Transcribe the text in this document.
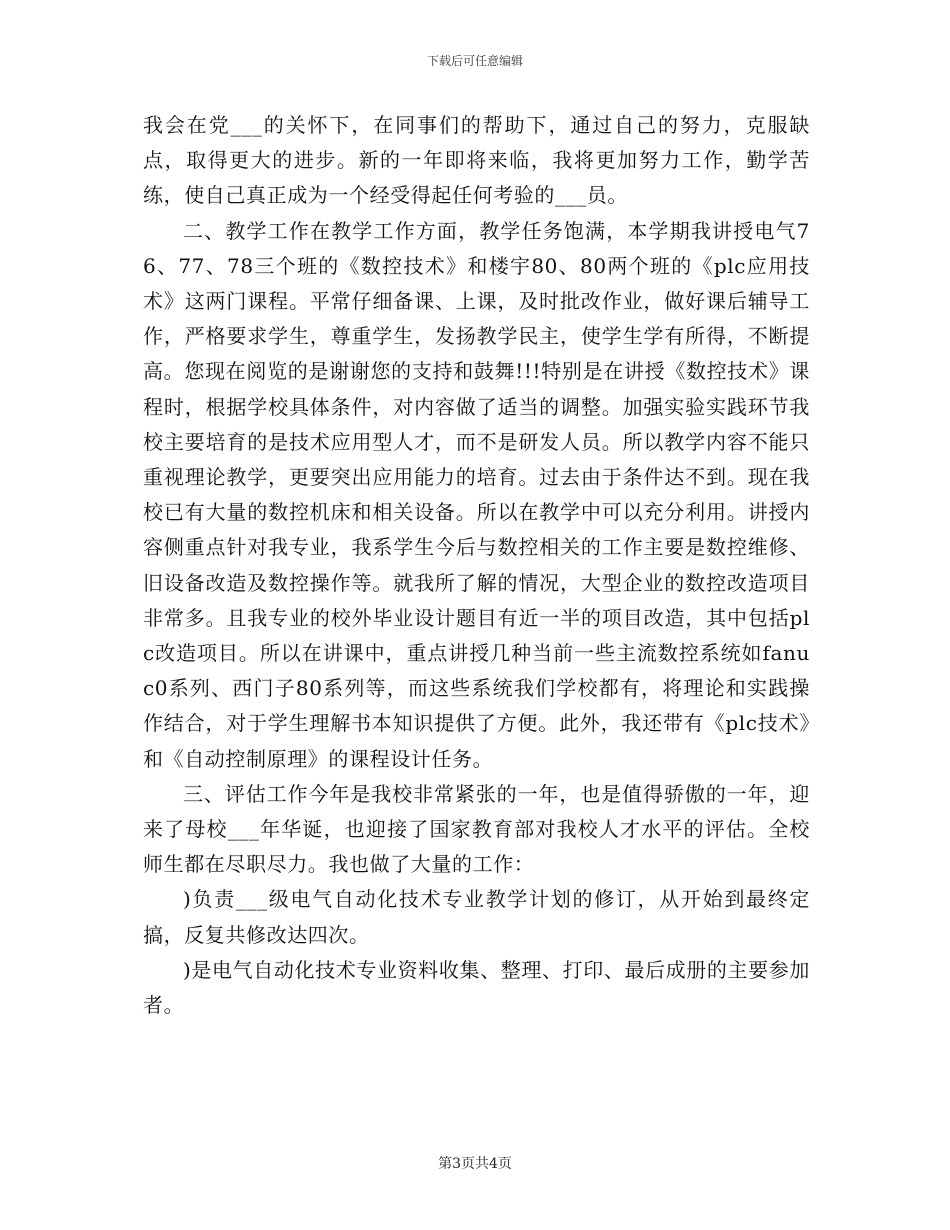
下载后可任意编辑

我会在党___的关怀下，在同事们的帮助下，通过自己的努力，克服缺点，取得更大的进步。新的一年即将来临，我将更加努力工作，勤学苦练，使自己真正成为一个经受得起任何考验的___员。

二、教学工作在教学工作方面，教学任务饱满，本学期我讲授电气76、77、78三个班的《数控技术》和楼宇80、80两个班的《plc应用技术》这两门课程。平常仔细备课、上课，及时批改作业，做好课后辅导工作，严格要求学生，尊重学生，发扬教学民主，使学生学有所得，不断提高。您现在阅览的是谢谢您的支持和鼓舞!!!特别是在讲授《数控技术》课程时，根据学校具体条件，对内容做了适当的调整。加强实验实践环节我校主要培育的是技术应用型人才，而不是研发人员。所以教学内容不能只重视理论教学，更要突出应用能力的培育。过去由于条件达不到。现在我校已有大量的数控机床和相关设备。所以在教学中可以充分利用。讲授内容侧重点针对我专业，我系学生今后与数控相关的工作主要是数控维修、旧设备改造及数控操作等。就我所了解的情况，大型企业的数控改造项目非常多。且我专业的校外毕业设计题目有近一半的项目改造，其中包括plc改造项目。所以在讲课中，重点讲授几种当前一些主流数控系统如fanuc0系列、西门子80系列等，而这些系统我们学校都有，将理论和实践操作结合，对于学生理解书本知识提供了方便。此外，我还带有《plc技术》和《自动控制原理》的课程设计任务。

三、评估工作今年是我校非常紧张的一年，也是值得骄傲的一年，迎来了母校___年华诞，也迎接了国家教育部对我校人才水平的评估。全校师生都在尽职尽力。我也做了大量的工作：

)负责___级电气自动化技术专业教学计划的修订，从开始到最终定搞，反复共修改达四次。

)是电气自动化技术专业资料收集、整理、打印、最后成册的主要参加者。

第3页共4页
